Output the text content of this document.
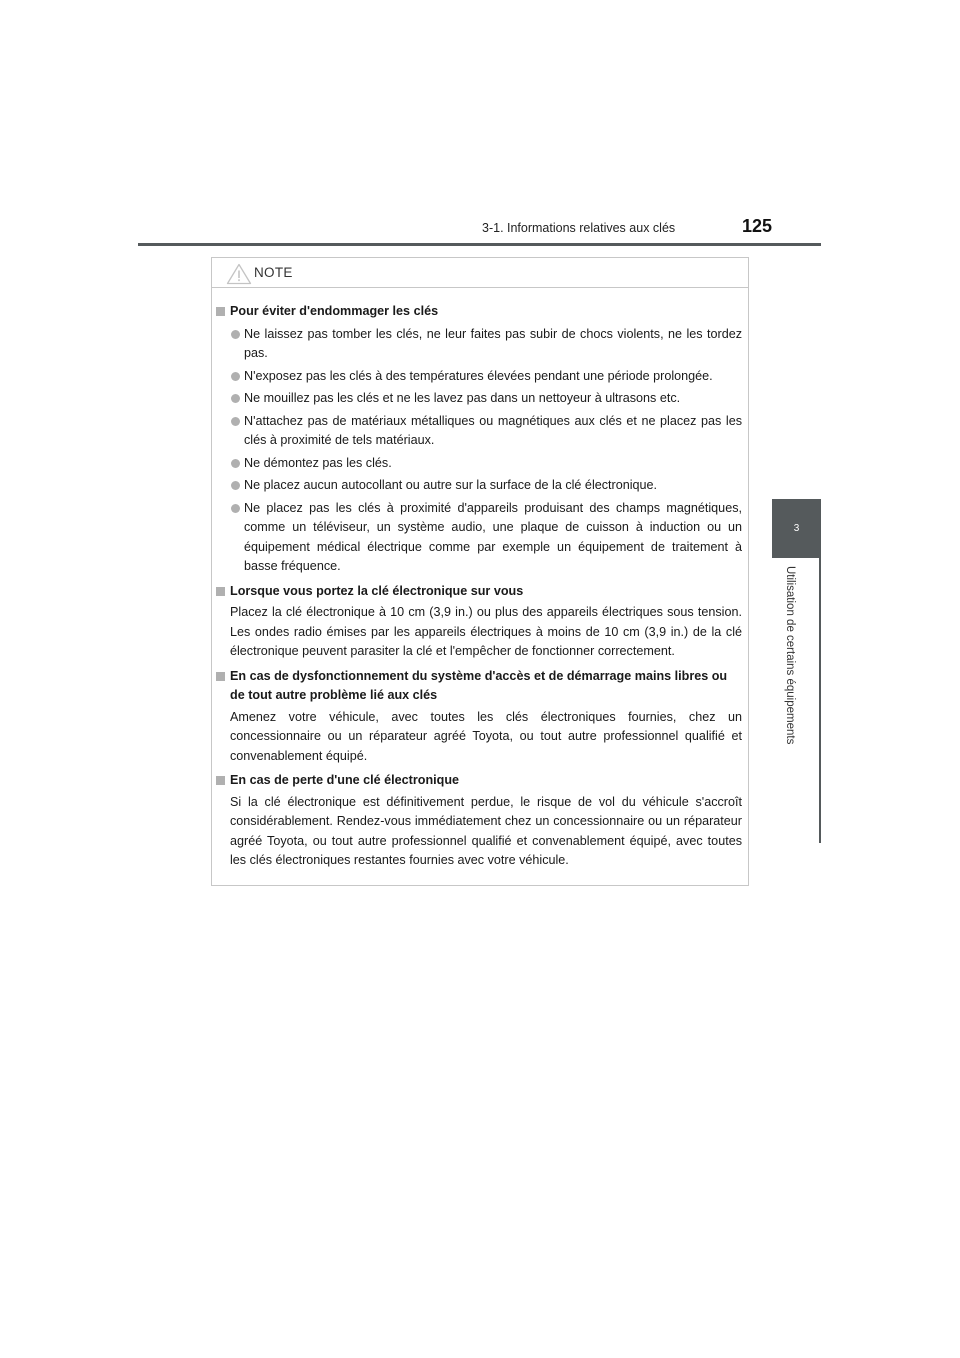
3-1. Informations relatives aux clés	125
3
Utilisation de certains équipements
NOTE
Pour éviter d'endommager les clés
Ne laissez pas tomber les clés, ne leur faites pas subir de chocs violents, ne les tordez pas.
N'exposez pas les clés à des températures élevées pendant une période prolongée.
Ne mouillez pas les clés et ne les lavez pas dans un nettoyeur à ultrasons etc.
N'attachez pas de matériaux métalliques ou magnétiques aux clés et ne placez pas les clés à proximité de tels matériaux.
Ne démontez pas les clés.
Ne placez aucun autocollant ou autre sur la surface de la clé électronique.
Ne placez pas les clés à proximité d'appareils produisant des champs magnétiques, comme un téléviseur, un système audio, une plaque de cuisson à induction ou un équipement médical électrique comme par exemple un équipement de traitement à basse fréquence.
Lorsque vous portez la clé électronique sur vous
Placez la clé électronique à 10 cm (3,9 in.) ou plus des appareils électriques sous tension. Les ondes radio émises par les appareils électriques à moins de 10 cm (3,9 in.) de la clé électronique peuvent parasiter la clé et l'empêcher de fonctionner correctement.
En cas de dysfonctionnement du système d'accès et de démarrage mains libres ou de tout autre problème lié aux clés
Amenez votre véhicule, avec toutes les clés électroniques fournies, chez un concessionnaire ou un réparateur agréé Toyota, ou tout autre professionnel qualifié et convenablement équipé.
En cas de perte d'une clé électronique
Si la clé électronique est définitivement perdue, le risque de vol du véhicule s'accroît considérablement. Rendez-vous immédiatement chez un concessionnaire ou un réparateur agréé Toyota, ou tout autre professionnel qualifié et convenablement équipé, avec toutes les clés électroniques restantes fournies avec votre véhicule.
